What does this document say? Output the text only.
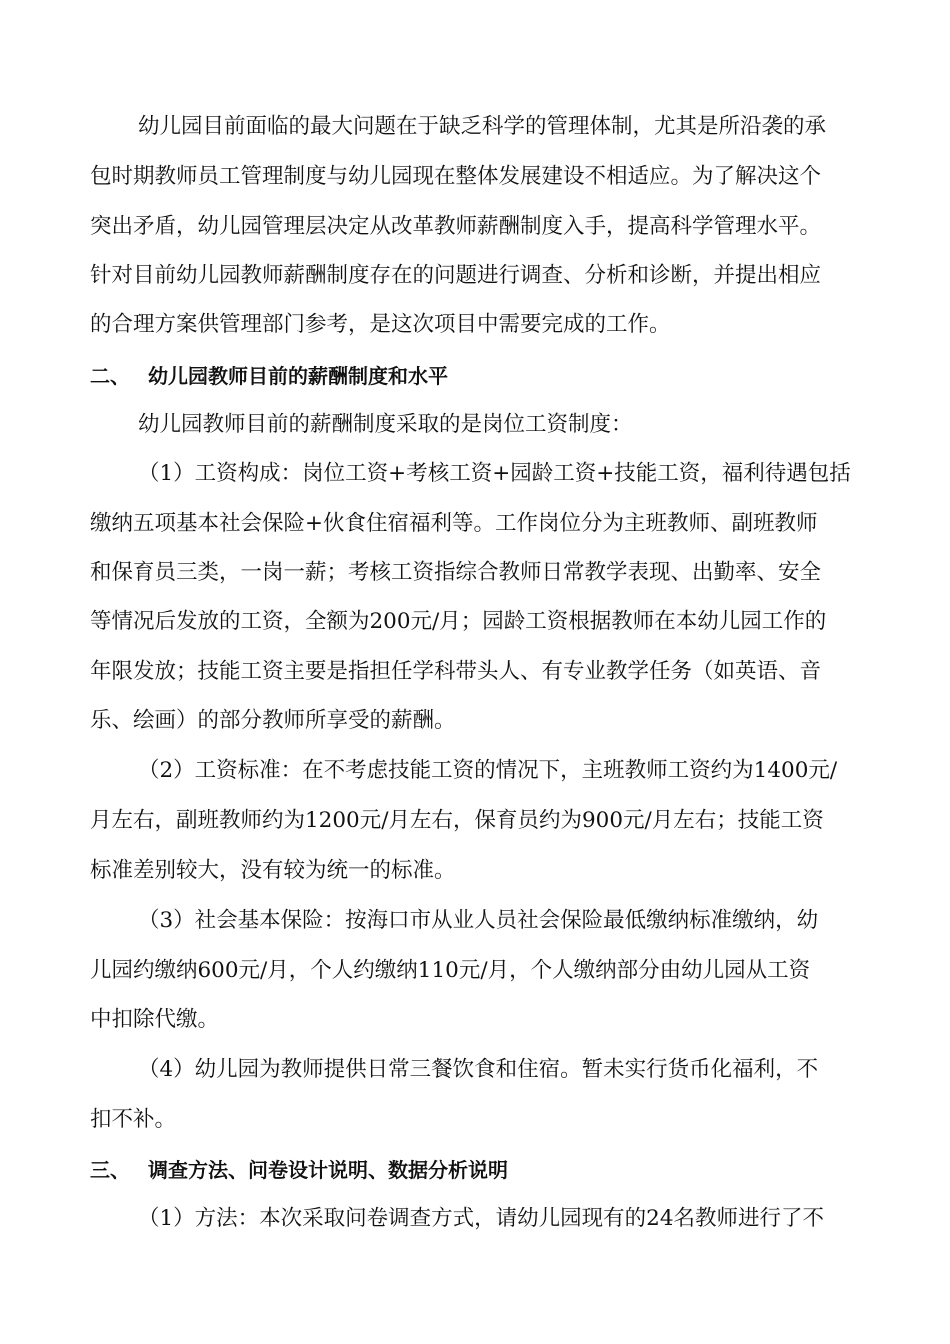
幼儿园目前面临的最大问题在于缺乏科学的管理体制，尤其是所沿袭的承
包时期教师员工管理制度与幼儿园现在整体发展建设不相适应。为了解决这个
突出矛盾，幼儿园管理层决定从改革教师薪酬制度入手，提高科学管理水平。
针对目前幼儿园教师薪酬制度存在的问题进行调查、分析和诊断，并提出相应
的合理方案供管理部门参考，是这次项目中需要完成的工作。
二、 幼儿园教师目前的薪酬制度和水平
幼儿园教师目前的薪酬制度采取的是岗位工资制度：
（1）工资构成：岗位工资+考核工资+园龄工资+技能工资，福利待遇包括
缴纳五项基本社会保险+伙食住宿福利等。工作岗位分为主班教师、副班教师
和保育员三类，一岗一薪；考核工资指综合教师日常教学表现、出勤率、安全
等情况后发放的工资，全额为200元/月；园龄工资根据教师在本幼儿园工作的
年限发放；技能工资主要是指担任学科带头人、有专业教学任务（如英语、音
乐、绘画）的部分教师所享受的薪酬。
（2）工资标准：在不考虑技能工资的情况下，主班教师工资约为1400元/
月左右，副班教师约为1200元/月左右，保育员约为900元/月左右；技能工资
标准差别较大，没有较为统一的标准。
（3）社会基本保险：按海口市从业人员社会保险最低缴纳标准缴纳，幼
儿园约缴纳600元/月，个人约缴纳110元/月，个人缴纳部分由幼儿园从工资
中扣除代缴。
（4）幼儿园为教师提供日常三餐饮食和住宿。暂未实行货币化福利，不
扣不补。
三、 调查方法、问卷设计说明、数据分析说明
（1）方法：本次采取问卷调查方式，请幼儿园现有的24名教师进行了不
